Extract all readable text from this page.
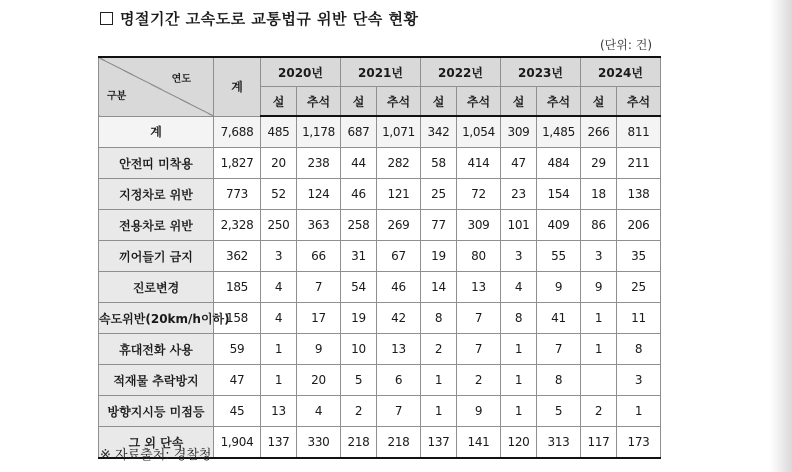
명절기간 고속도로 교통법규 위반 단속 현황
(단위: 건)
연도
구분	계	2020년		2021년		2022년		2023년		2024년	
		설	추석	설	추석	설	추석	설	추석	설	추석
계	7,688	485	1,178	687	1,071	342	1,054	309	1,485	266	811
안전띠 미착용	1,827	20	238	44	282	58	414	47	484	29	211
지정차로 위반	773	52	124	46	121	25	72	23	154	18	138
전용차로 위반	2,328	250	363	258	269	77	309	101	409	86	206
끼어들기 금지	362	3	66	31	67	19	80	3	55	3	35
진로변경	185	4	7	54	46	14	13	4	9	9	25
속도위반(20km/h이하)	158	4	17	19	42	8	7	8	41	1	11
휴대전화 사용	59	1	9	10	13	2	7	1	7	1	8
적재물 추락방지	47	1	20	5	6	1	2	1	8		3
방향지시등 미점등	45	13	4	2	7	1	9	1	5	2	1
그 외 단속	1,904	137	330	218	218	137	141	120	313	117	173
※ 자료출처: 경찰청
